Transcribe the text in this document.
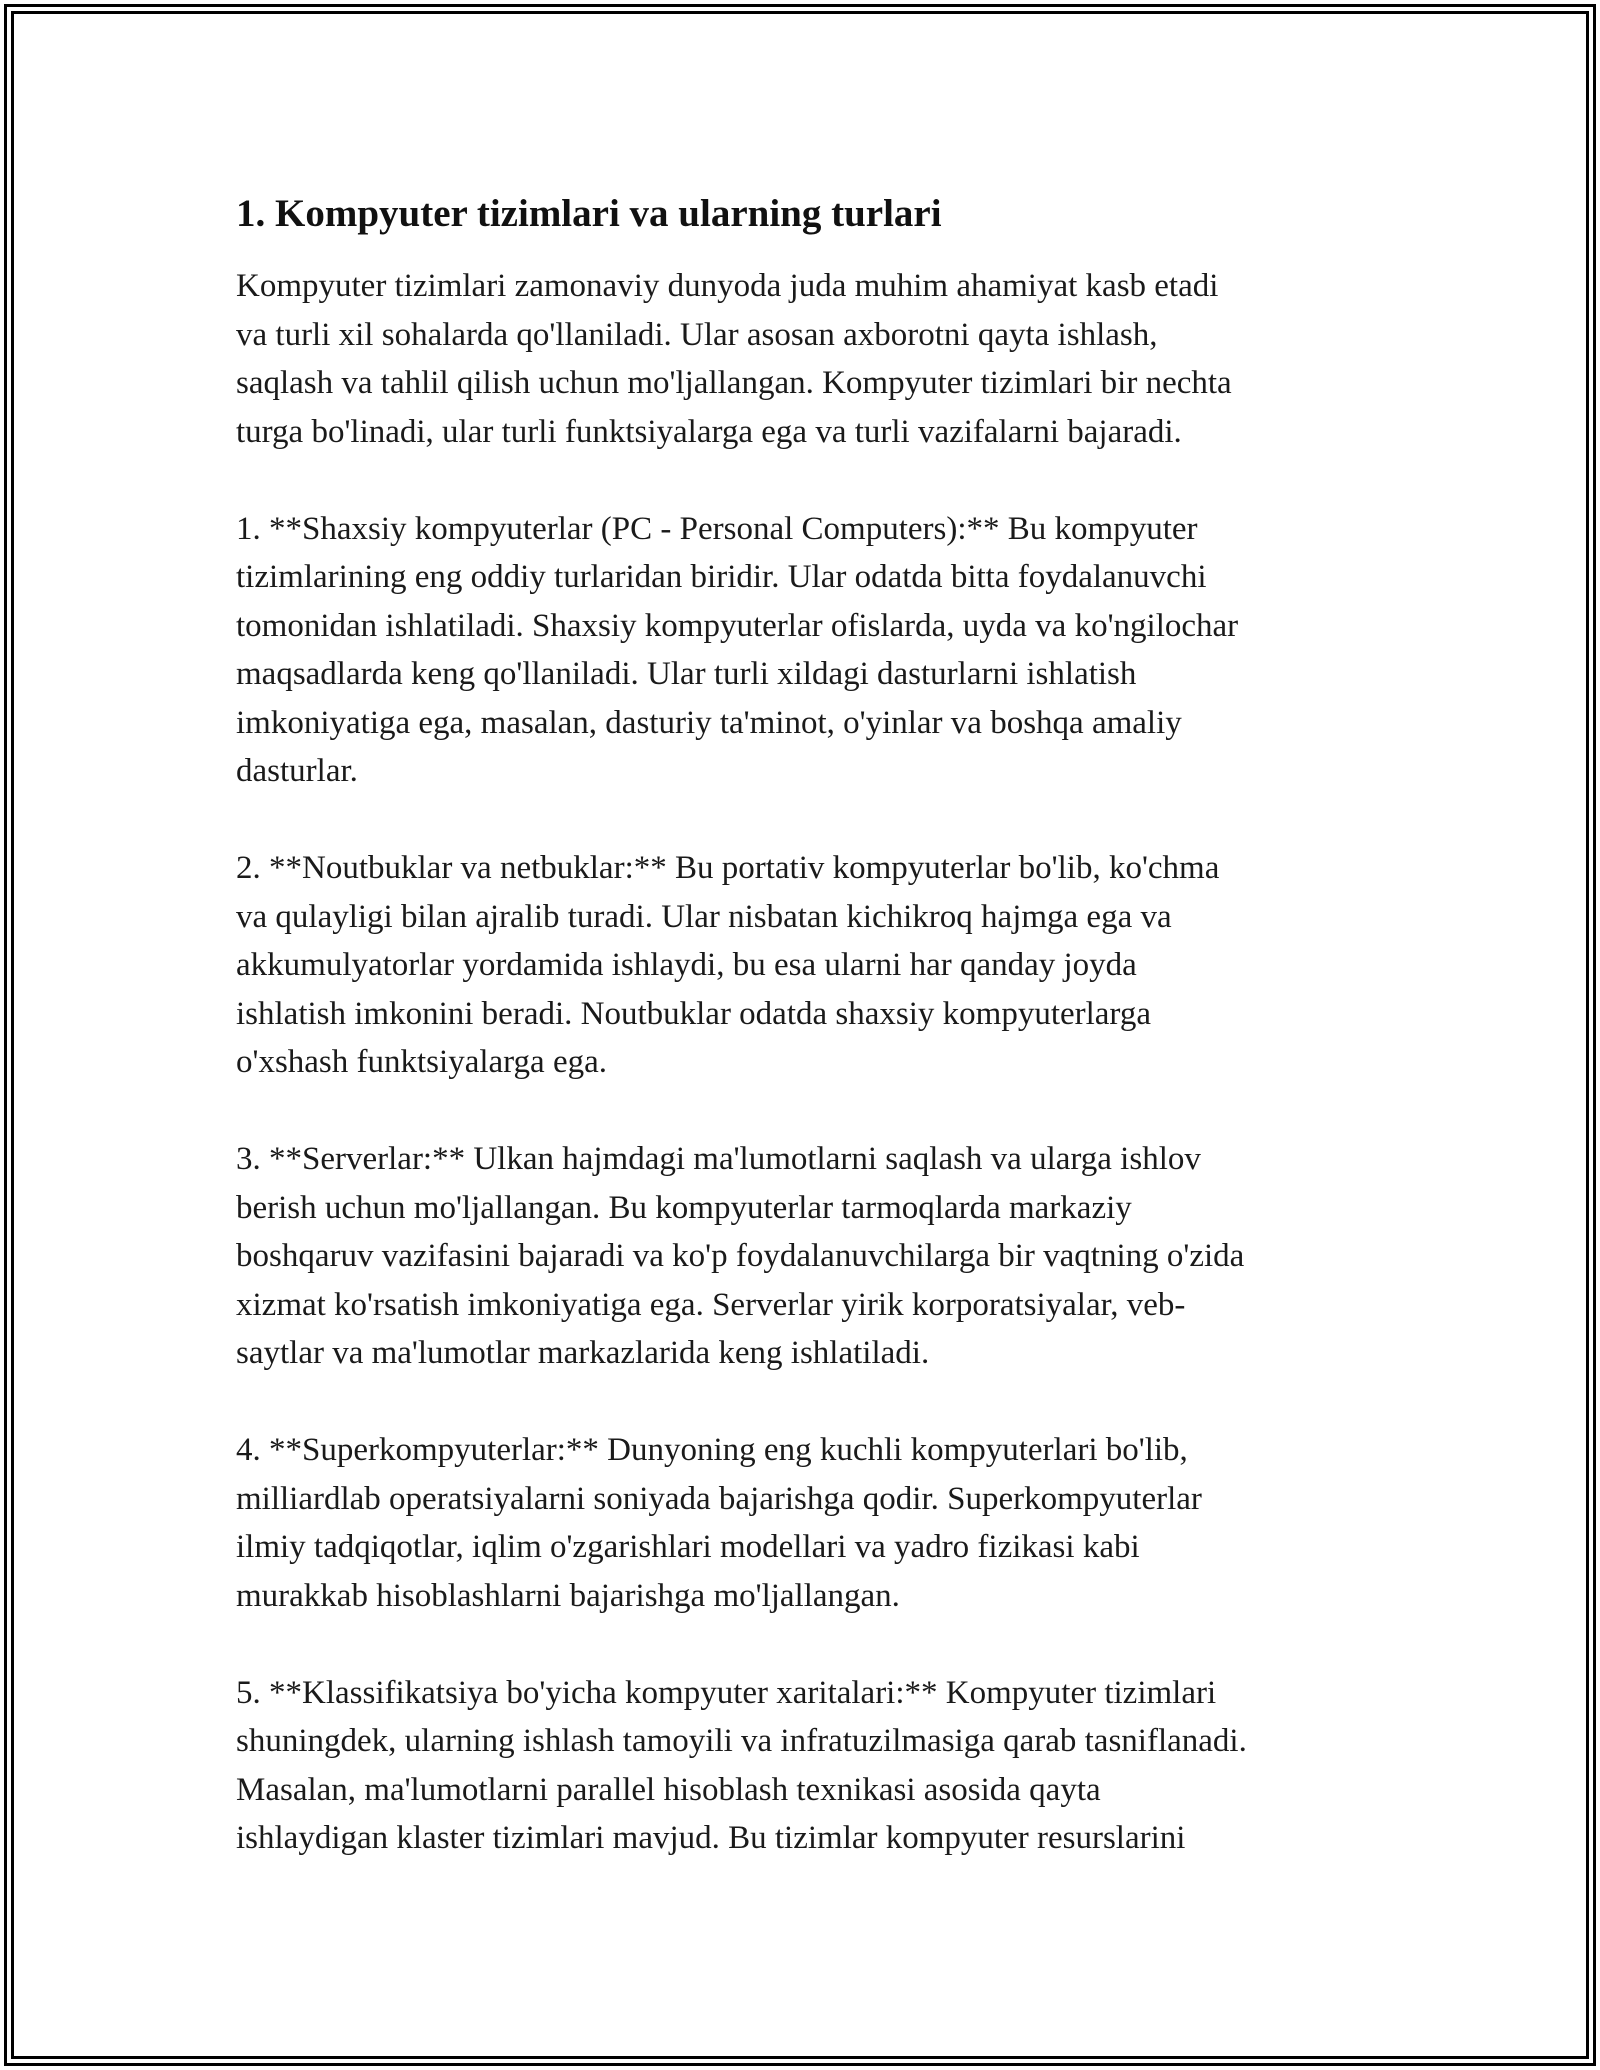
1. Kompyuter tizimlari va ularning turlari

Kompyuter tizimlari zamonaviy dunyoda juda muhim ahamiyat kasb etadi
va turli xil sohalarda qo'llaniladi. Ular asosan axborotni qayta ishlash,
saqlash va tahlil qilish uchun mo'ljallangan. Kompyuter tizimlari bir nechta
turga bo'linadi, ular turli funktsiyalarga ega va turli vazifalarni bajaradi.

1. **Shaxsiy kompyuterlar (PC - Personal Computers):** Bu kompyuter
tizimlarining eng oddiy turlaridan biridir. Ular odatda bitta foydalanuvchi
tomonidan ishlatiladi. Shaxsiy kompyuterlar ofislarda, uyda va ko'ngilochar
maqsadlarda keng qo'llaniladi. Ular turli xildagi dasturlarni ishlatish
imkoniyatiga ega, masalan, dasturiy ta'minot, o'yinlar va boshqa amaliy
dasturlar.

2. **Noutbuklar va netbuklar:** Bu portativ kompyuterlar bo'lib, ko'chma
va qulayligi bilan ajralib turadi. Ular nisbatan kichikroq hajmga ega va
akkumulyatorlar yordamida ishlaydi, bu esa ularni har qanday joyda
ishlatish imkonini beradi. Noutbuklar odatda shaxsiy kompyuterlarga
o'xshash funktsiyalarga ega.

3. **Serverlar:** Ulkan hajmdagi ma'lumotlarni saqlash va ularga ishlov
berish uchun mo'ljallangan. Bu kompyuterlar tarmoqlarda markaziy
boshqaruv vazifasini bajaradi va ko'p foydalanuvchilarga bir vaqtning o'zida
xizmat ko'rsatish imkoniyatiga ega. Serverlar yirik korporatsiyalar, veb-
saytlar va ma'lumotlar markazlarida keng ishlatiladi.

4. **Superkompyuterlar:** Dunyoning eng kuchli kompyuterlari bo'lib,
milliardlab operatsiyalarni soniyada bajarishga qodir. Superkompyuterlar
ilmiy tadqiqotlar, iqlim o'zgarishlari modellari va yadro fizikasi kabi
murakkab hisoblashlarni bajarishga mo'ljallangan.

5. **Klassifikatsiya bo'yicha kompyuter xaritalari:** Kompyuter tizimlari
shuningdek, ularning ishlash tamoyili va infratuzilmasiga qarab tasniflanadi.
Masalan, ma'lumotlarni parallel hisoblash texnikasi asosida qayta
ishlaydigan klaster tizimlari mavjud. Bu tizimlar kompyuter resurslarini
